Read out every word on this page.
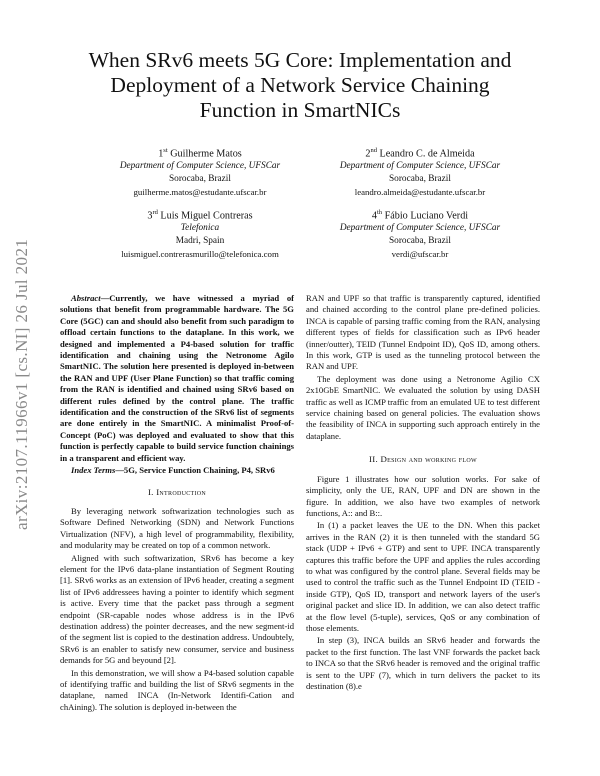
arXiv:2107.11966v1 [cs.NI] 26 Jul 2021
When SRv6 meets 5G Core: Implementation and
Deployment of a Network Service Chaining
Function in SmartNICs
1st Guilherme Matos
Department of Computer Science, UFSCar
Sorocaba, Brazil
guilherme.matos@estudante.ufscar.br
2nd Leandro C. de Almeida
Department of Computer Science, UFSCar
Sorocaba, Brazil
leandro.almeida@estudante.ufscar.br
3rd Luis Miguel Contreras
Telefonica
Madri, Spain
luismiguel.contrerasmurillo@telefonica.com
4th Fábio Luciano Verdi
Department of Computer Science, UFSCar
Sorocaba, Brazil
verdi@ufscar.br

Abstract—Currently, we have witnessed a myriad of solutions that benefit from programmable hardware. The 5G Core (5GC) can and should also benefit from such paradigm to offload certain functions to the dataplane. In this work, we designed and implemented a P4-based solution for traffic identification and chaining using the Netronome Agilo SmartNIC. The solution here presented is deployed in-between the RAN and UPF (User Plane Function) so that traffic coming from the RAN is identified and chained using SRv6 based on different rules defined by the control plane. The traffic identification and the construction of the SRv6 list of segments are done entirely in the SmartNIC. A minimalist Proof-of-Concept (PoC) was deployed and evaluated to show that this function is perfectly capable to build service function chainings in a transparent and efficient way.

Index Terms—5G, Service Function Chaining, P4, SRv6

I. Introduction

By leveraging network softwarization technologies such as Software Defined Networking (SDN) and Network Functions Virtualization (NFV), a high level of programmability, flexibility, and modularity may be created on top of a common network.

Aligned with such softwarization, SRv6 has become a key element for the IPv6 data-plane instantiation of Segment Routing [1]. SRv6 works as an extension of IPv6 header, creating a segment list of IPv6 addressees having a pointer to identify which segment is active. Every time that the packet pass through a segment endpoint (SR-capable nodes whose address is in the IPv6 destination address) the pointer decreases, and the new segment-id of the segment list is copied to the destination address. Undoubtely, SRv6 is an enabler to satisfy new consumer, service and business demands for 5G and beyound [2].

In this demonstration, we will show a P4-based solution capable of identifying traffic and building the list of SRv6 segments in the dataplane, named INCA (In-Network Identifi-Cation and chAining). The solution is deployed in-between the

RAN and UPF so that traffic is transparently captured, identified and chained according to the control plane pre-defined policies. INCA is capable of parsing traffic coming from the RAN, analysing different types of fields for classification such as IPv6 header (inner/outter), TEID (Tunnel Endpoint ID), QoS ID, among others. In this work, GTP is used as the tunneling protocol between the RAN and UPF.

The deployment was done using a Netronome Agilio CX 2x10GbE SmartNIC. We evaluated the solution by using DASH traffic as well as ICMP traffic from an emulated UE to test different service chaining based on general policies. The evaluation shows the feasibility of INCA in supporting such approach entirely in the dataplane.

II. Design and working flow

Figure 1 illustrates how our solution works. For sake of simplicity, only the UE, RAN, UPF and DN are shown in the figure. In addition, we also have two examples of network functions, A:: and B::.

In (1) a packet leaves the UE to the DN. When this packet arrives in the RAN (2) it is then tunneled with the standard 5G stack (UDP + IPv6 + GTP) and sent to UPF. INCA transparently captures this traffic before the UPF and applies the rules according to what was configured by the control plane. Several fields may be used to control the traffic such as the Tunnel Endpoint ID (TEID - inside GTP), QoS ID, transport and network layers of the user's original packet and slice ID. In addition, we can also detect traffic at the flow level (5-tuple), services, QoS or any combination of those elements.

In step (3), INCA builds an SRv6 header and forwards the packet to the first function. The last VNF forwards the packet back to INCA so that the SRv6 header is removed and the original traffic is sent to the UPF (7), which in turn delivers the packet to its destination (8).e
